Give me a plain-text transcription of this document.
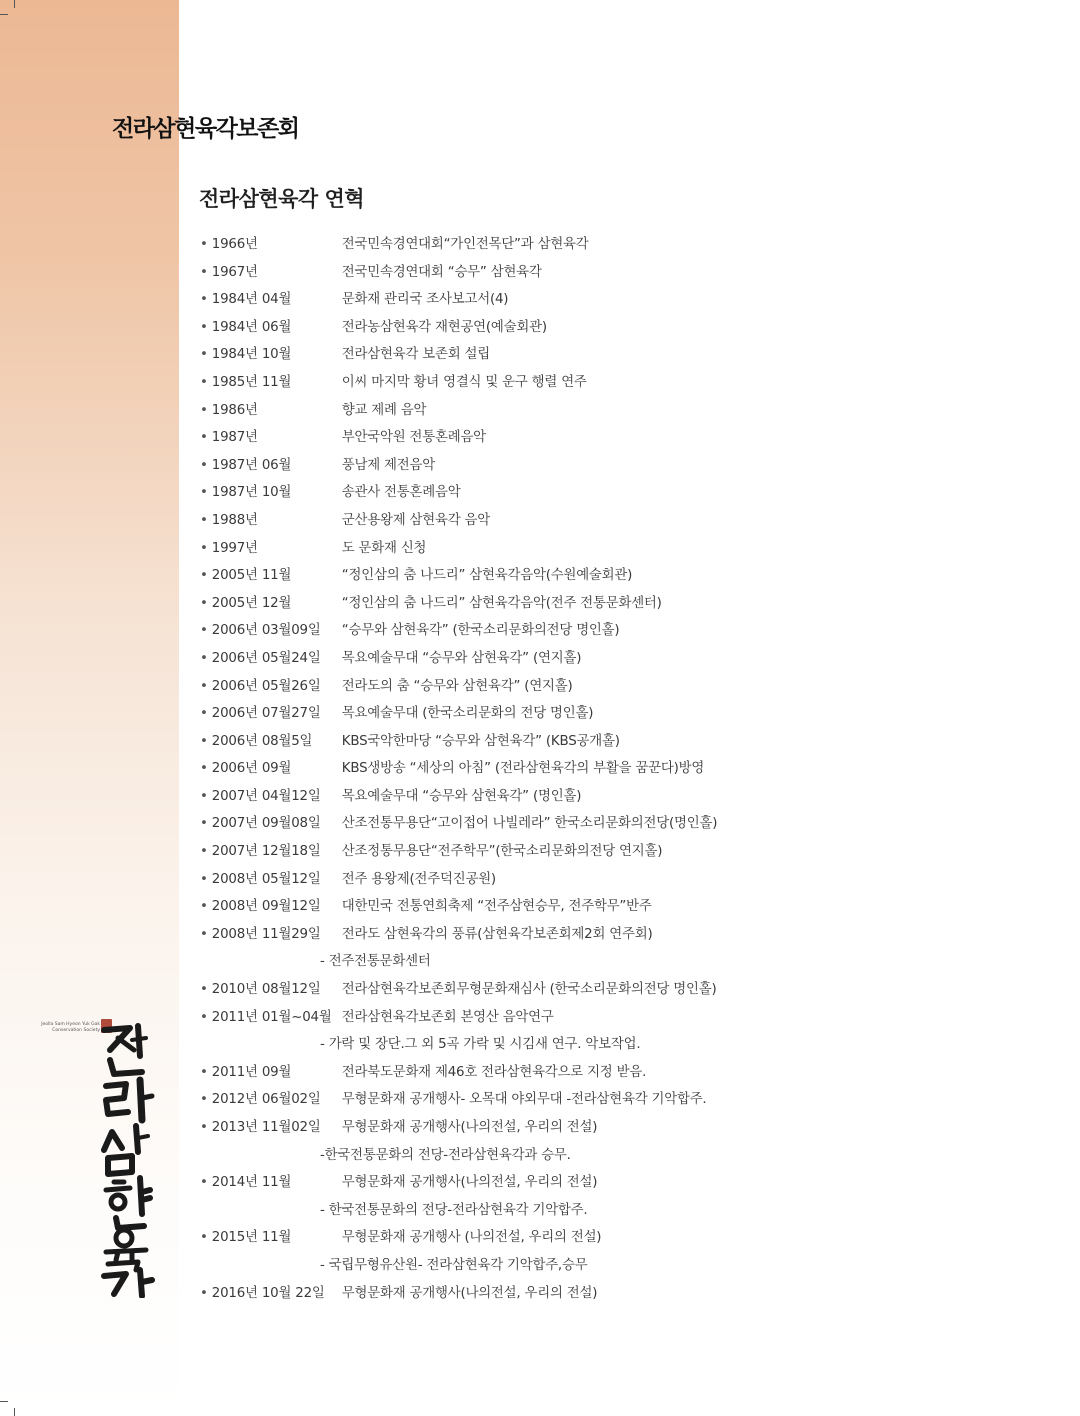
전라삼현육각보존회
전라삼현육각 연혁
• 1966년	전국민속경연대회“가인전목단”과 삼현육각
• 1967년	전국민속경연대회 “승무” 삼현육각
• 1984년 04월	문화재 관리국 조사보고서(4)
• 1984년 06월	전라농삼현육각 재현공연(예술회관)
• 1984년 10월	전라삼현육각 보존회 설립
• 1985년 11월	이씨 마지막 황녀 영결식 및 운구 행렬 연주
• 1986년	향교 제례 음악
• 1987년	부안국악원 전통혼례음악
• 1987년 06월	풍남제 제전음악
• 1987년 10월	송관사 전통혼례음악
• 1988년	군산용왕제 삼현육각 음악
• 1997년	도 문화재 신청
• 2005년 11월	“정인삼의 춤 나드리” 삼현육각음악(수원예술회관)
• 2005년 12월	“정인삼의 춤 나드리” 삼현육각음악(전주 전통문화센터)
• 2006년 03월09일 “승무와 삼현육각” (한국소리문화의전당 명인홀)
• 2006년 05월24일 목요예술무대 “승무와 삼현육각” (연지홀)
• 2006년 05월26일 전라도의 춤 “승무와 삼현육각” (연지홀)
• 2006년 07월27일 목요예술무대 (한국소리문화의 전당 명인홀)
• 2006년 08월5일 KBS국악한마당 “승무와 삼현육각” (KBS공개홀)
• 2006년 09월	KBS생방송 “세상의 아침” (전라삼현육각의 부활을 꿈꾼다)방영
• 2007년 04월12일 목요예술무대 “승무와 삼현육각” (명인홀)
• 2007년 09월08일 산조전통무용단“고이접어 나빌레라” 한국소리문화의전당(명인홀)
• 2007년 12월18일 산조정통무용단“전주학무”(한국소리문화의전당 연지홀)
• 2008년 05월12일 전주 용왕제(전주덕진공원)
• 2008년 09월12일 대한민국 전통연희축제 “전주삼현승무, 전주학무”반주
• 2008년 11월29일 전라도 삼현육각의 풍류(삼현육각보존회제2회 연주회)
- 전주전통문화센터
• 2010년 08월12일 전라삼현육각보존회무형문화재심사 (한국소리문화의전당 명인홀)
• 2011년 01월~04월 전라삼현육각보존회 본영산 음악연구
- 가락 및 장단.그 외 5곡 가락 및 시김새 연구. 악보작업.
• 2011년 09월	전라북도문화재 제46호 전라삼현육각으로 지정 받음.
• 2012년 06월02일 무형문화재 공개행사- 오목대 야외무대 -전라삼현육각 기악합주.
• 2013년 11월02일 무형문화재 공개행사(나의전설, 우리의 전설)
-한국전통문화의 전당-전라삼현육각과 승무.
• 2014년 11월	무형문화재 공개행사(나의전설, 우리의 전설)
- 한국전통문화의 전당-전라삼현육각 기악합주.
• 2015년 11월	무형문화재 공개행사 (나의전설, 우리의 전설)
- 국립무형유산원- 전라삼현육각 기악합주,승무
• 2016년 10월 22일 무형문화재 공개행사(나의전설, 우리의 전설)
Jeolla Sam Hyeon Yuk Gak Conservation Society
